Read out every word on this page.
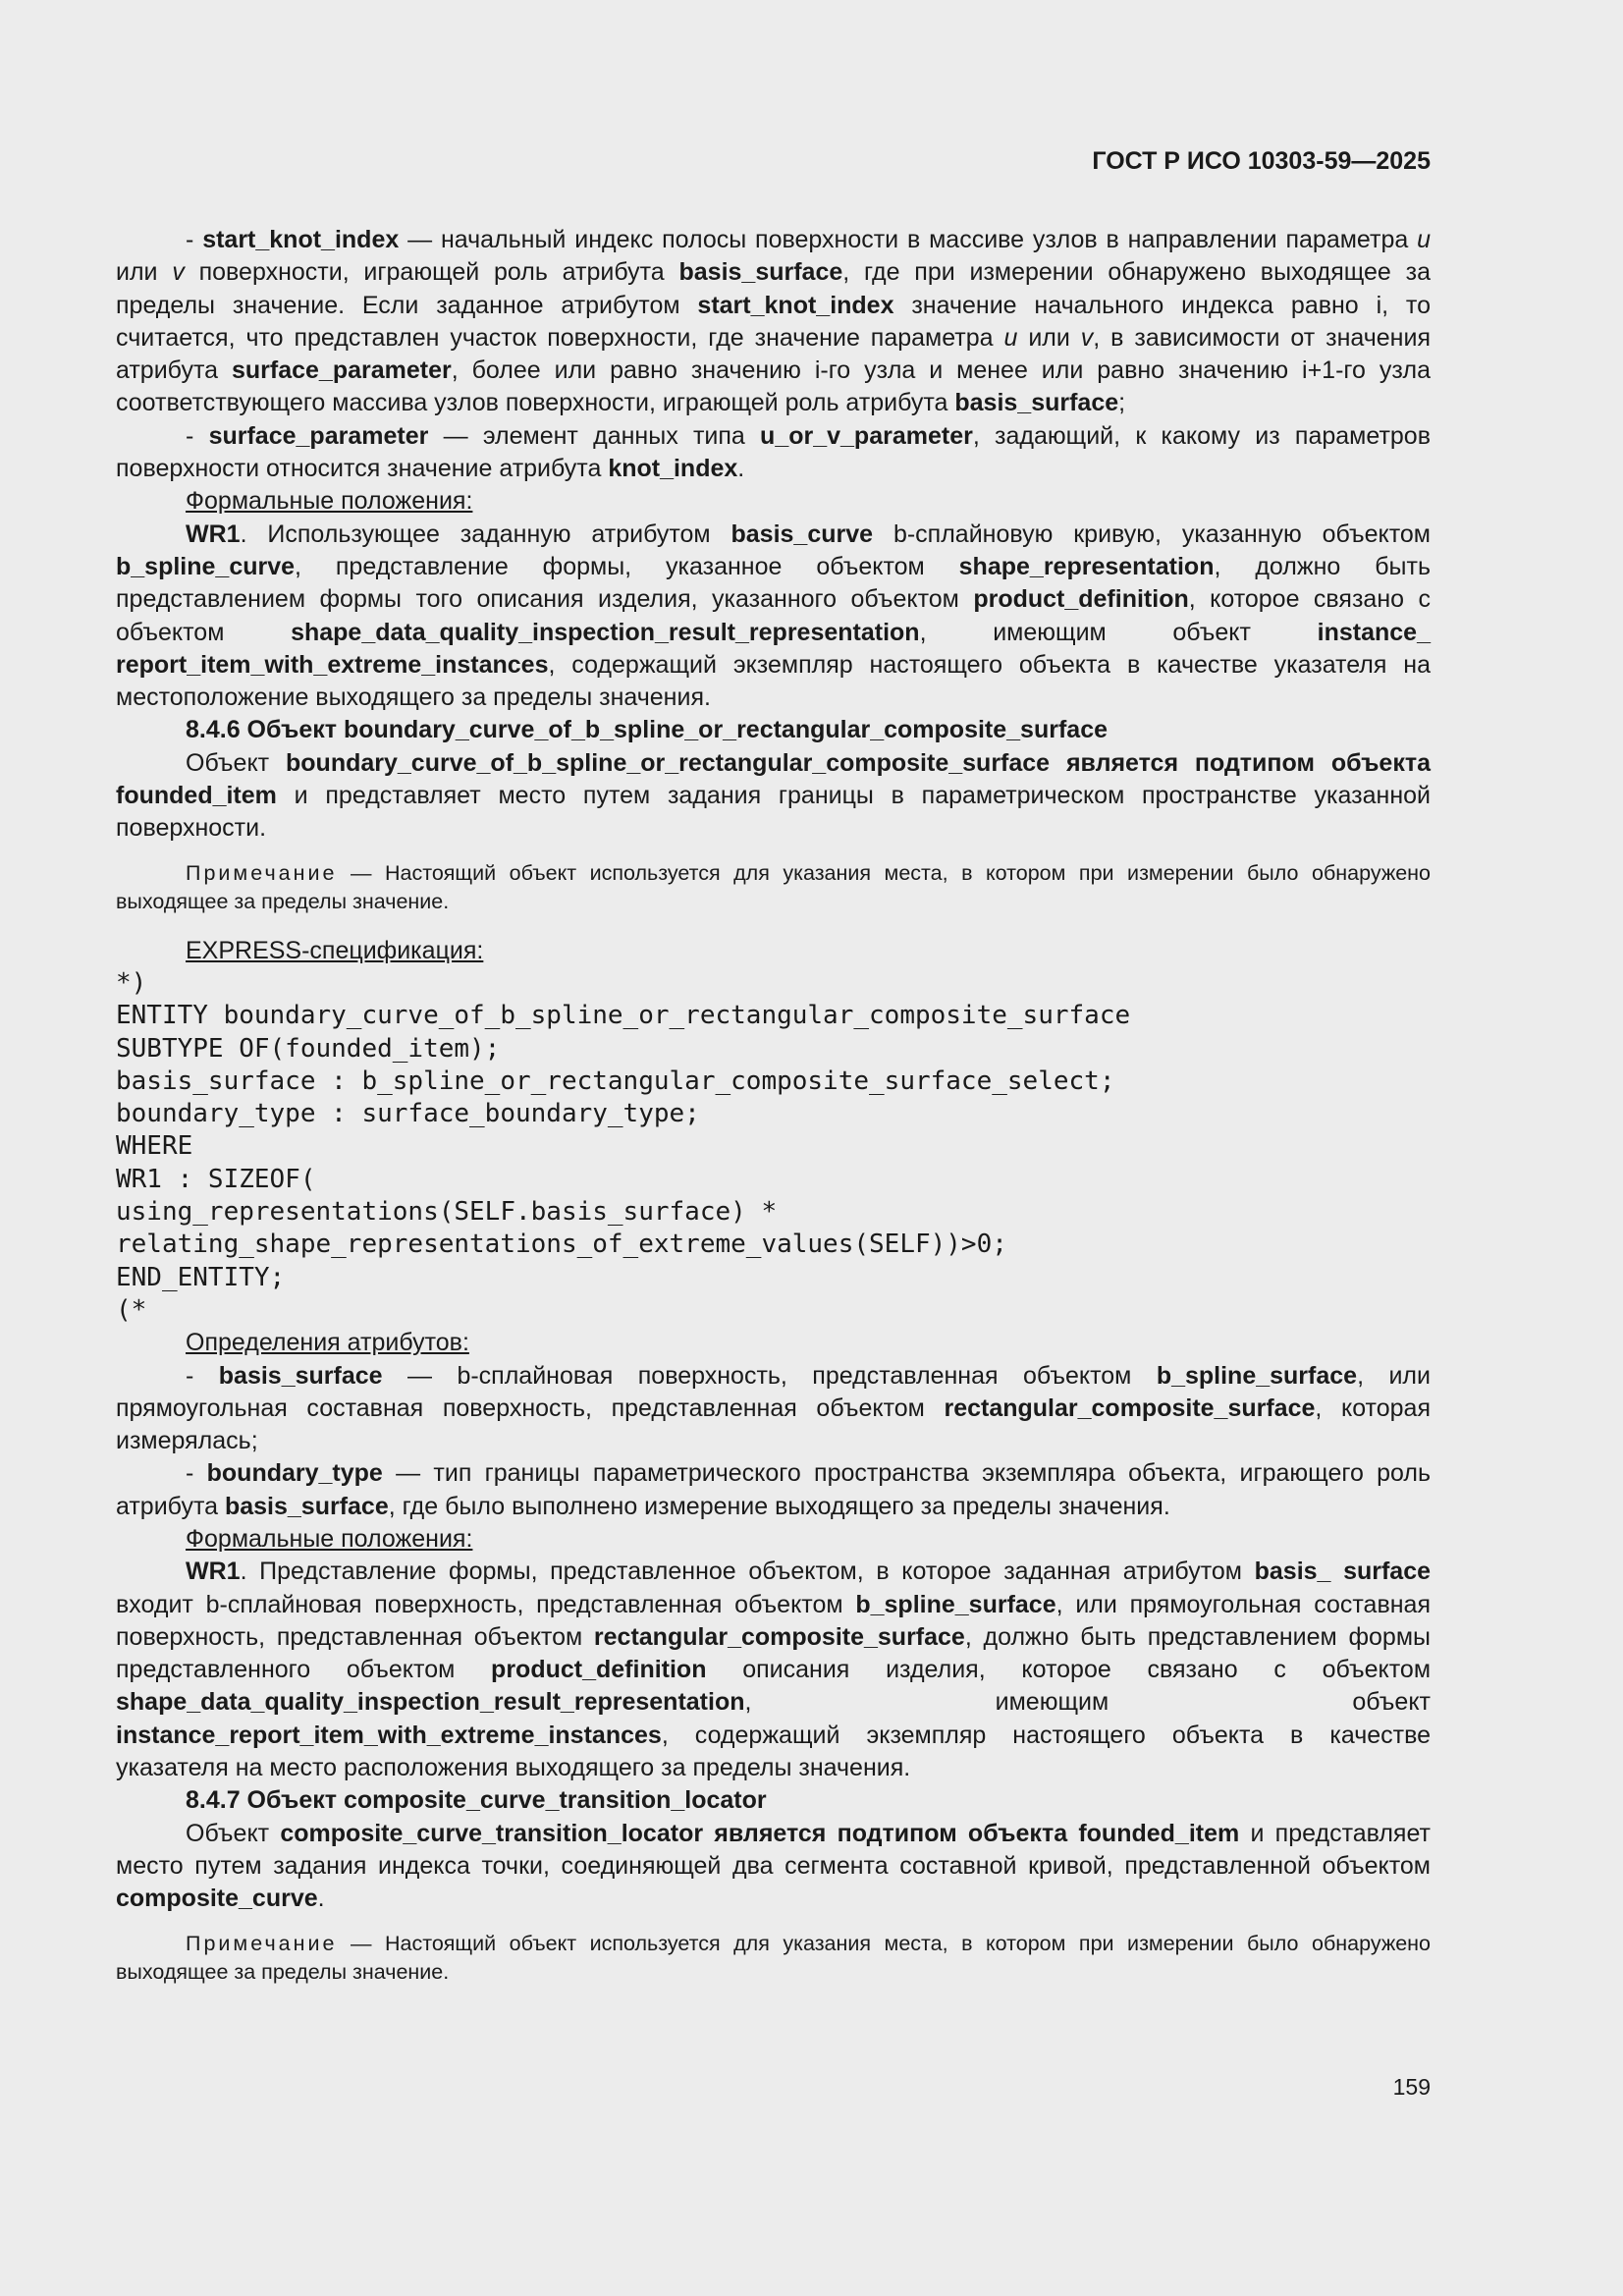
ГОСТ Р ИСО 10303-59—2025

- start_knot_index — начальный индекс полосы поверхности в массиве узлов в направлении параметра u или v поверхности, играющей роль атрибута basis_surface, где при измерении обнаружено выходящее за пределы значение. Если заданное атрибутом start_knot_index значение начального индекса равно i, то считается, что представлен участок поверхности, где значение параметра u или v, в зависимости от значения атрибута surface_parameter, более или равно значению i-го узла и менее или равно значению i+1-го узла соответствующего массива узлов поверхности, играющей роль атрибута basis_surface;

- surface_parameter — элемент данных типа u_or_v_parameter, задающий, к какому из параметров поверхности относится значение атрибута knot_index.

Формальные положения:

WR1. Использующее заданную атрибутом basis_curve b-сплайновую кривую, указанную объектом b_spline_curve, представление формы, указанное объектом shape_representation, должно быть представлением формы того описания изделия, указанного объектом product_definition, которое связано с объектом shape_data_quality_inspection_result_representation, имеющим объект instance_ report_item_with_extreme_instances, содержащий экземпляр настоящего объекта в качестве указателя на местоположение выходящего за пределы значения.

8.4.6 Объект boundary_curve_of_b_spline_or_rectangular_composite_surface

Объект boundary_curve_of_b_spline_or_rectangular_composite_surface является подтипом объекта founded_item и представляет место путем задания границы в параметрическом пространстве указанной поверхности.

Примечание — Настоящий объект используется для указания места, в котором при измерении было обнаружено выходящее за пределы значение.

EXPRESS-спецификация:

*)
ENTITY boundary_curve_of_b_spline_or_rectangular_composite_surface
SUBTYPE OF(founded_item);
basis_surface : b_spline_or_rectangular_composite_surface_select;
boundary_type : surface_boundary_type;
WHERE
WR1 : SIZEOF(
using_representations(SELF.basis_surface) *
relating_shape_representations_of_extreme_values(SELF))>0;
END_ENTITY;
(*

Определения атрибутов:

- basis_surface — b-сплайновая поверхность, представленная объектом b_spline_surface, или прямоугольная составная поверхность, представленная объектом rectangular_composite_surface, которая измерялась;

- boundary_type — тип границы параметрического пространства экземпляра объекта, играющего роль атрибута basis_surface, где было выполнено измерение выходящего за пределы значения.

Формальные положения:

WR1. Представление формы, представленное объектом, в которое заданная атрибутом basis_ surface входит b-сплайновая поверхность, представленная объектом b_spline_surface, или прямоугольная составная поверхность, представленная объектом rectangular_composite_surface, должно быть представлением формы представленного объектом product_definition описания изделия, которое связано с объектом shape_data_quality_inspection_result_representation, имеющим объект instance_report_item_with_extreme_instances, содержащий экземпляр настоящего объекта в качестве указателя на место расположения выходящего за пределы значения.

8.4.7 Объект composite_curve_transition_locator

Объект composite_curve_transition_locator является подтипом объекта founded_item и представляет место путем задания индекса точки, соединяющей два сегмента составной кривой, представленной объектом composite_curve.

Примечание — Настоящий объект используется для указания места, в котором при измерении было обнаружено выходящее за пределы значение.

159
